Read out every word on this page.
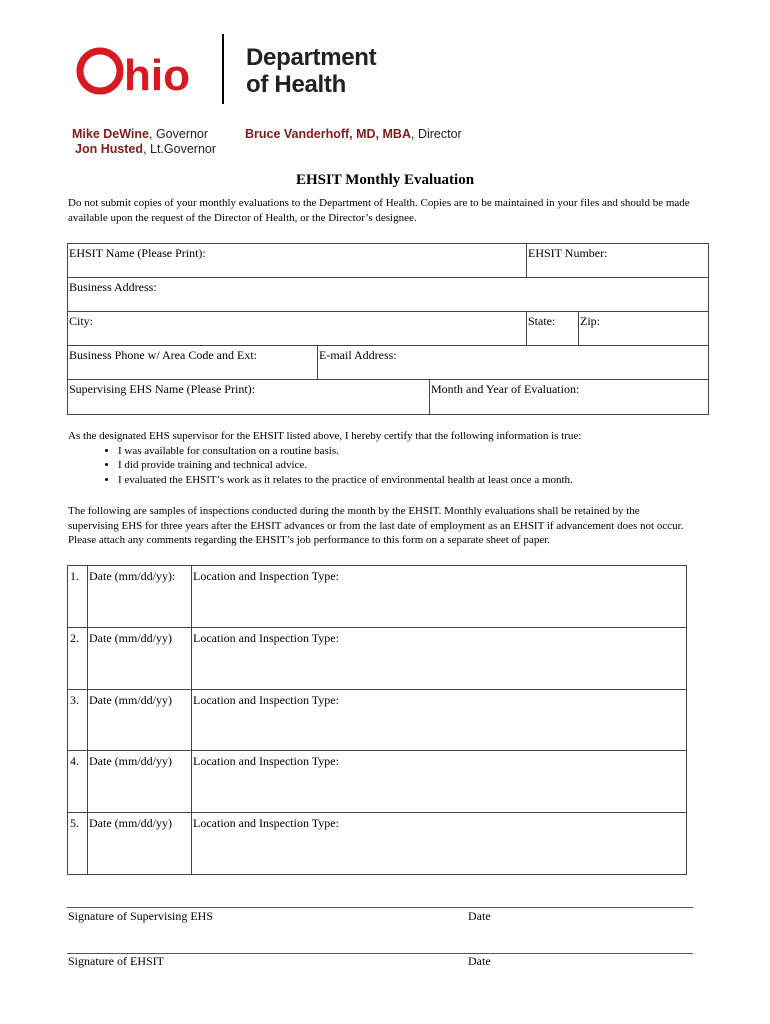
hio Department
of Health
Mike DeWine, Governor
Jon Husted, Lt.Governor
Bruce Vanderhoff, MD, MBA, Director
EHSIT Monthly Evaluation
Do not submit copies of your monthly evaluations to the Department of Health. Copies are to be maintained in your files and should be made available upon the request of the Director of Health, or the Director’s designee.
EHSIT Name (Please Print):	EHSIT Number:
Business Address:
City:	State:	Zip:
Business Phone w/ Area Code and Ext:	E-mail Address:
Supervising EHS Name (Please Print):	Month and Year of Evaluation:
As the designated EHS supervisor for the EHSIT listed above, I hereby certify that the following information is true:
• I was available for consultation on a routine basis.
• I did provide training and technical advice.
• I evaluated the EHSIT’s work as it relates to the practice of environmental health at least once a month.
The following are samples of inspections conducted during the month by the EHSIT. Monthly evaluations shall be retained by the supervising EHS for three years after the EHSIT advances or from the last date of employment as an EHSIT if advancement does not occur. Please attach any comments regarding the EHSIT’s job performance to this form on a separate sheet of paper.
1. Date (mm/dd/yy): Location and Inspection Type:
2. Date (mm/dd/yy) Location and Inspection Type:
3. Date (mm/dd/yy) Location and Inspection Type:
4. Date (mm/dd/yy) Location and Inspection Type:
5. Date (mm/dd/yy) Location and Inspection Type:
Signature of Supervising EHS	Date
Signature of EHSIT	Date
